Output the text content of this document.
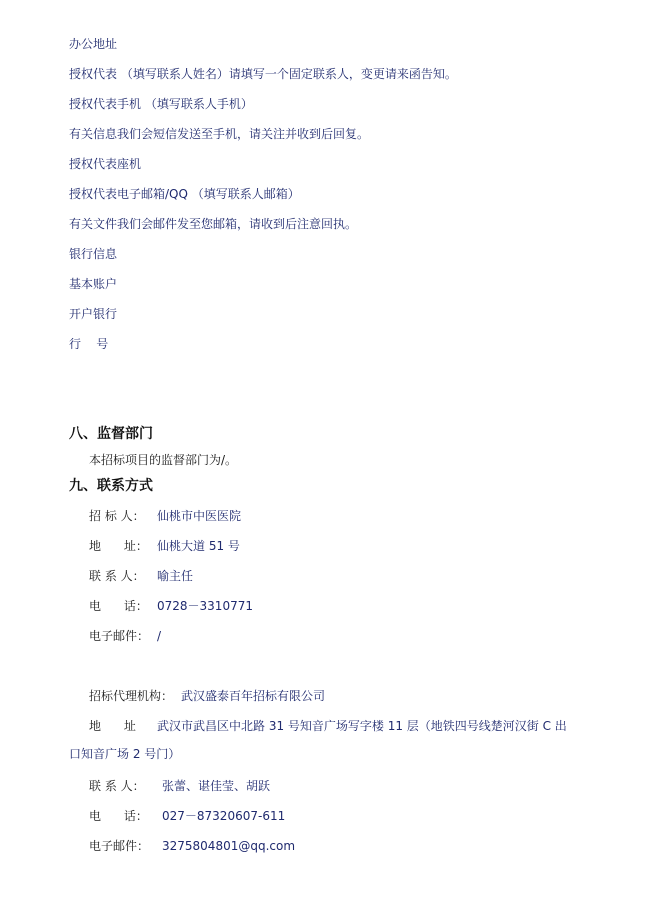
办公地址
授权代表 （填写联系人姓名）请填写一个固定联系人，变更请来函告知。
授权代表手机 （填写联系人手机）
有关信息我们会短信发送至手机，请关注并收到后回复。
授权代表座机
授权代表电子邮箱/QQ （填写联系人邮箱）
有关文件我们会邮件发至您邮箱，请收到后注意回执。
银行信息
基本账户
开户银行
行    号
八、监督部门
本招标项目的监督部门为/。
九、联系方式
招 标 人： 仙桃市中医医院
地      址： 仙桃大道 51 号
联 系 人： 喻主任
电      话： 0728－3310771
电子邮件： /
招标代理机构： 武汉盛泰百年招标有限公司
地      址 武汉市武昌区中北路 31 号知音广场写字楼 11 层（地铁四号线楚河汉街 C 出
口知音广场 2 号门）
联 系 人： 张蕾、谌佳莹、胡跃
电      话： 027－87320607-611
电子邮件： 3275804801@qq.com
